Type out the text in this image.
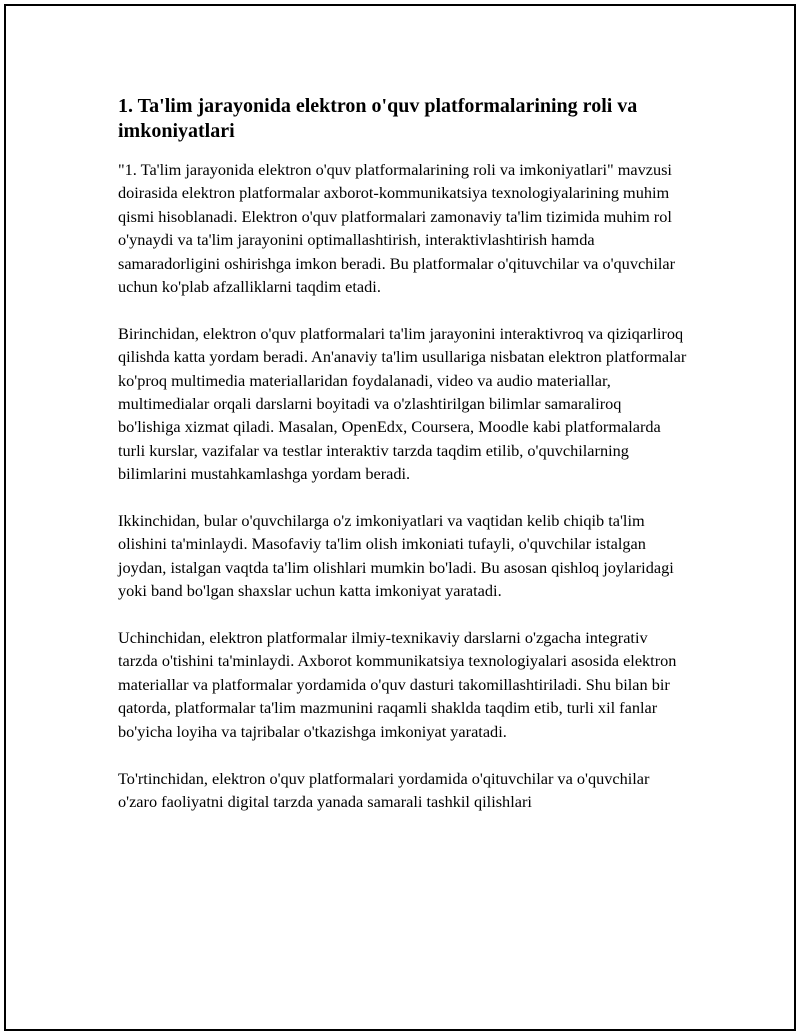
1. Ta'lim jarayonida elektron o'quv platformalarining roli va imkoniyatlari

"1. Ta'lim jarayonida elektron o'quv platformalarining roli va imkoniyatlari" mavzusi doirasida elektron platformalar axborot-kommunikatsiya texnologiyalarining muhim qismi hisoblanadi. Elektron o'quv platformalari zamonaviy ta'lim tizimida muhim rol o'ynaydi va ta'lim jarayonini optimallashtirish, interaktivlashtirish hamda samaradorligini oshirishga imkon beradi. Bu platformalar o'qituvchilar va o'quvchilar uchun ko'plab afzalliklarni taqdim etadi.

Birinchidan, elektron o'quv platformalari ta'lim jarayonini interaktivroq va qiziqarliroq qilishda katta yordam beradi. An'anaviy ta'lim usullariga nisbatan elektron platformalar ko'proq multimedia materiallaridan foydalanadi, video va audio materiallar, multimedialar orqali darslarni boyitadi va o'zlashtirilgan bilimlar samaraliroq bo'lishiga xizmat qiladi. Masalan, OpenEdx, Coursera, Moodle kabi platformalarda turli kurslar, vazifalar va testlar interaktiv tarzda taqdim etilib, o'quvchilarning bilimlarini mustahkamlashga yordam beradi.

Ikkinchidan, bular o'quvchilarga o'z imkoniyatlari va vaqtidan kelib chiqib ta'lim olishini ta'minlaydi. Masofaviy ta'lim olish imkoniati tufayli, o'quvchilar istalgan joydan, istalgan vaqtda ta'lim olishlari mumkin bo'ladi. Bu asosan qishloq joylaridagi yoki band bo'lgan shaxslar uchun katta imkoniyat yaratadi.

Uchinchidan, elektron platformalar ilmiy-texnikaviy darslarni o'zgacha integrativ tarzda o'tishini ta'minlaydi. Axborot kommunikatsiya texnologiyalari asosida elektron materiallar va platformalar yordamida o'quv dasturi takomillashtiriladi. Shu bilan bir qatorda, platformalar ta'lim mazmunini raqamli shaklda taqdim etib, turli xil fanlar bo'yicha loyiha va tajribalar o'tkazishga imkoniyat yaratadi.

To'rtinchidan, elektron o'quv platformalari yordamida o'qituvchilar va o'quvchilar o'zaro faoliyatni digital tarzda yanada samarali tashkil qilishlari
